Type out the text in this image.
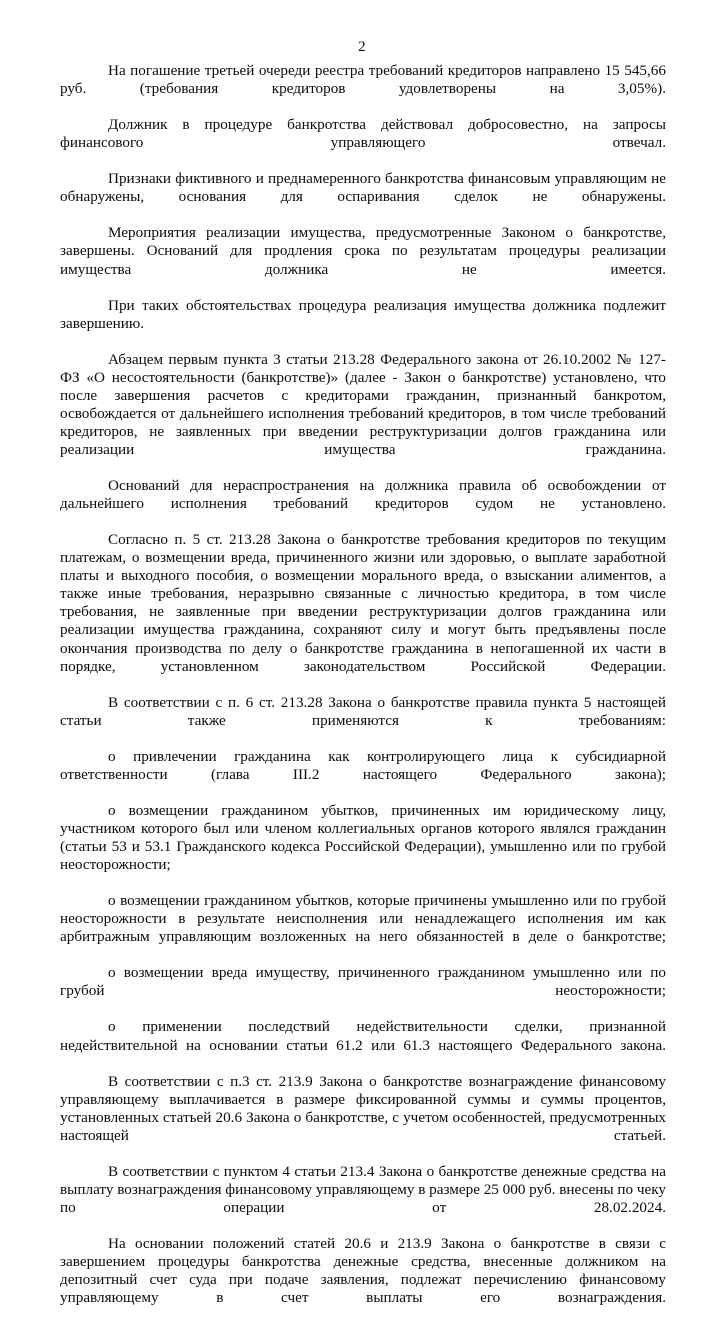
2

На погашение третьей очереди реестра требований кредиторов направлено 15 545,66 руб. (требования кредиторов удовлетворены на 3,05%).

Должник в процедуре банкротства действовал добросовестно, на запросы финансового управляющего отвечал.

Признаки фиктивного и преднамеренного банкротства финансовым управляющим не обнаружены, основания для оспаривания сделок не обнаружены.

Мероприятия реализации имущества, предусмотренные Законом о банкротстве, завершены. Оснований для продления срока по результатам процедуры реализации имущества должника не имеется.

При таких обстоятельствах процедура реализация имущества должника подлежит завершению.

Абзацем первым пункта 3 статьи 213.28 Федерального закона от 26.10.2002 № 127-ФЗ «О несостоятельности (банкротстве)» (далее - Закон о банкротстве) установлено, что после завершения расчетов с кредиторами гражданин, признанный банкротом, освобождается от дальнейшего исполнения требований кредиторов, в том числе требований кредиторов, не заявленных при введении реструктуризации долгов гражданина или реализации имущества гражданина.

Оснований для нераспространения на должника правила об освобождении от дальнейшего исполнения требований кредиторов судом не установлено.

Согласно п. 5 ст. 213.28 Закона о банкротстве требования кредиторов по текущим платежам, о возмещении вреда, причиненного жизни или здоровью, о выплате заработной платы и выходного пособия, о возмещении морального вреда, о взыскании алиментов, а также иные требования, неразрывно связанные с личностью кредитора, в том числе требования, не заявленные при введении реструктуризации долгов гражданина или реализации имущества гражданина, сохраняют силу и могут быть предъявлены после окончания производства по делу о банкротстве гражданина в непогашенной их части в порядке, установленном законодательством Российской Федерации.

В соответствии с п. 6 ст. 213.28 Закона о банкротстве правила пункта 5 настоящей статьи также применяются к требованиям:

о привлечении гражданина как контролирующего лица к субсидиарной ответственности (глава III.2 настоящего Федерального закона);

о возмещении гражданином убытков, причиненных им юридическому лицу, участником которого был или членом коллегиальных органов которого являлся гражданин (статьи 53 и 53.1 Гражданского кодекса Российской Федерации), умышленно или по грубой неосторожности;

о возмещении гражданином убытков, которые причинены умышленно или по грубой неосторожности в результате неисполнения или ненадлежащего исполнения им как арбитражным управляющим возложенных на него обязанностей в деле о банкротстве;

о возмещении вреда имуществу, причиненного гражданином умышленно или по грубой неосторожности;

о применении последствий недействительности сделки, признанной недействительной на основании статьи 61.2 или 61.3 настоящего Федерального закона.

В соответствии с п.3 ст. 213.9 Закона о банкротстве вознаграждение финансовому управляющему выплачивается в размере фиксированной суммы и суммы процентов, установленных статьей 20.6 Закона о банкротстве, с учетом особенностей, предусмотренных настоящей статьей.

В соответствии с пунктом 4 статьи 213.4 Закона о банкротстве денежные средства на выплату вознаграждения финансовому управляющему в размере 25 000 руб. внесены по чеку по операции от 28.02.2024.

На основании положений статей 20.6 и 213.9 Закона о банкротстве в связи с завершением процедуры банкротства денежные средства, внесенные должником на депозитный счет суда при подаче заявления, подлежат перечислению финансовому управляющему в счет выплаты его вознаграждения.
